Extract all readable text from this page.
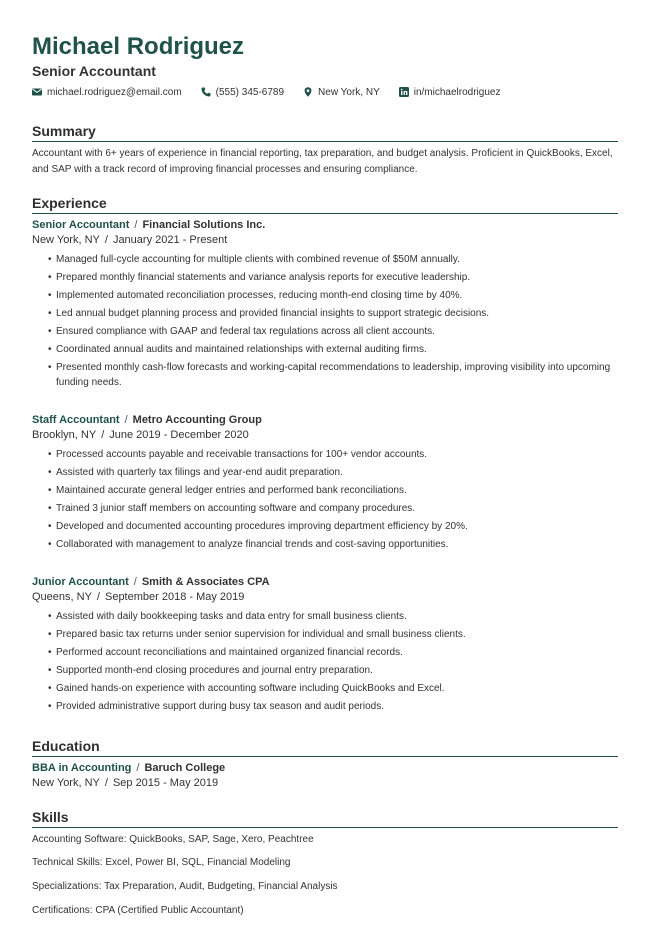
Michael Rodriguez
Senior Accountant
michael.rodriguez@email.com	(555) 345-6789	New York, NY	in/michaelrodriguez
Summary

Accountant with 6+ years of experience in financial reporting, tax preparation, and budget analysis. Proficient in QuickBooks, Excel, and SAP with a track record of improving financial processes and ensuring compliance.

Experience
Senior Accountant / Financial Solutions Inc.
New York, NY / January 2021 - Present
• Managed full-cycle accounting for multiple clients with combined revenue of $50M annually.
• Prepared monthly financial statements and variance analysis reports for executive leadership.
• Implemented automated reconciliation processes, reducing month-end closing time by 40%.
• Led annual budget planning process and provided financial insights to support strategic decisions.
• Ensured compliance with GAAP and federal tax regulations across all client accounts.
• Coordinated annual audits and maintained relationships with external auditing firms.
• Presented monthly cash-flow forecasts and working-capital recommendations to leadership, improving visibility into upcoming funding needs.
Staff Accountant / Metro Accounting Group
Brooklyn, NY / June 2019 - December 2020
• Processed accounts payable and receivable transactions for 100+ vendor accounts.
• Assisted with quarterly tax filings and year-end audit preparation.
• Maintained accurate general ledger entries and performed bank reconciliations.
• Trained 3 junior staff members on accounting software and company procedures.
• Developed and documented accounting procedures improving department efficiency by 20%.
• Collaborated with management to analyze financial trends and cost-saving opportunities.
Junior Accountant / Smith & Associates CPA
Queens, NY / September 2018 - May 2019
• Assisted with daily bookkeeping tasks and data entry for small business clients.
• Prepared basic tax returns under senior supervision for individual and small business clients.
• Performed account reconciliations and maintained organized financial records.
• Supported month-end closing procedures and journal entry preparation.
• Gained hands-on experience with accounting software including QuickBooks and Excel.
• Provided administrative support during busy tax season and audit periods.
Education
BBA in Accounting / Baruch College
New York, NY / Sep 2015 - May 2019
Skills
Accounting Software: QuickBooks, SAP, Sage, Xero, Peachtree
Technical Skills: Excel, Power BI, SQL, Financial Modeling
Specializations: Tax Preparation, Audit, Budgeting, Financial Analysis
Certifications: CPA (Certified Public Accountant)
